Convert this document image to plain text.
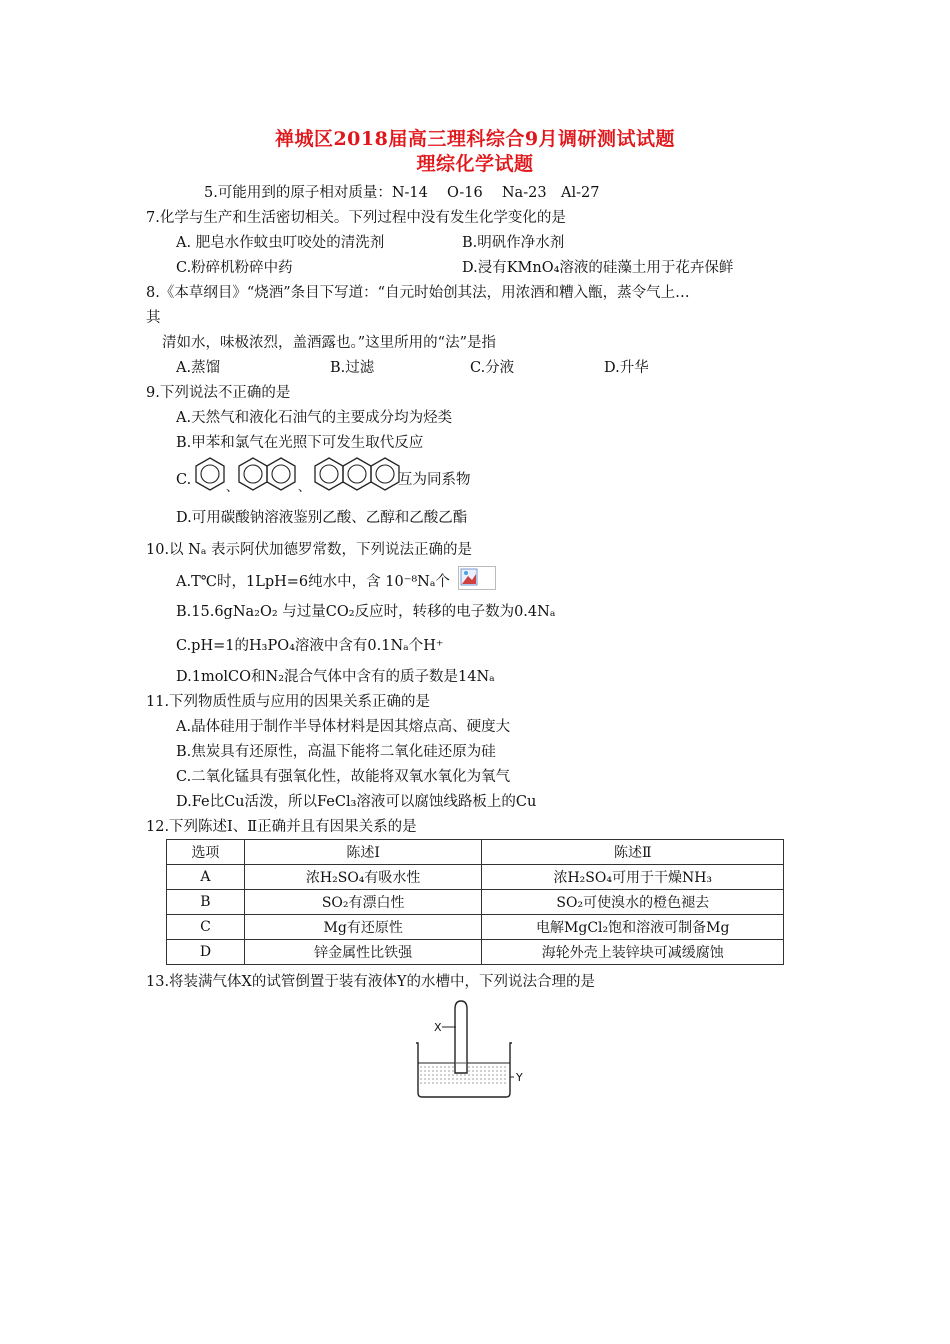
禅城区2018届高三理科综合9月调研测试试题
理综化学试题
5.可能用到的原子相对质量：N-14　 O-16　 Na-23　Al-27
7.化学与生产和生活密切相关。下列过程中没有发生化学变化的是
A. 肥皂水作蚊虫叮咬处的清洗剂	B.明矾作净水剂
C.粉碎机粉碎中药	D.浸有KMnO₄溶液的硅藻土用于花卉保鲜
8.《本草纲目》“烧酒”条目下写道：“自元时始创其法，用浓酒和糟入甑，蒸令气上…
其
清如水，味极浓烈，盖酒露也。”这里所用的“法”是指
A.蒸馏	B.过滤	C.分液	D.升华
9.下列说法不正确的是
A.天然气和液化石油气的主要成分均为烃类
B.甲苯和氯气在光照下可发生取代反应
C.	、	、	互为同系物
D.可用碳酸钠溶液鉴别乙酸、乙醇和乙酸乙酯
10.以 Nₐ 表示阿伏加德罗常数，下列说法正确的是
A.T℃时，1LpH=6纯水中，含 10⁻⁸Nₐ个
B.15.6gNa₂O₂ 与过量CO₂反应时，转移的电子数为0.4Nₐ
C.pH=1的H₃PO₄溶液中含有0.1Nₐ个H⁺
D.1molCO和N₂混合气体中含有的质子数是14Nₐ
11.下列物质性质与应用的因果关系正确的是
A.晶体硅用于制作半导体材料是因其熔点高、硬度大
B.焦炭具有还原性，高温下能将二氧化硅还原为硅
C.二氧化锰具有强氧化性，故能将双氧水氧化为氧气
D.Fe比Cu活泼，所以FeCl₃溶液可以腐蚀线路板上的Cu
12.下列陈述Ⅰ、Ⅱ正确并且有因果关系的是
选项	陈述Ⅰ	陈述Ⅱ
A	浓H₂SO₄有吸水性	浓H₂SO₄可用于干燥NH₃
B	SO₂有漂白性	SO₂可使溴水的橙色褪去
C	Mg有还原性	电解MgCl₂饱和溶液可制备Mg
D	锌金属性比铁强	海轮外壳上装锌块可减缓腐蚀
13.将装满气体X的试管倒置于装有液体Y的水槽中，下列说法合理的是
X
Y
